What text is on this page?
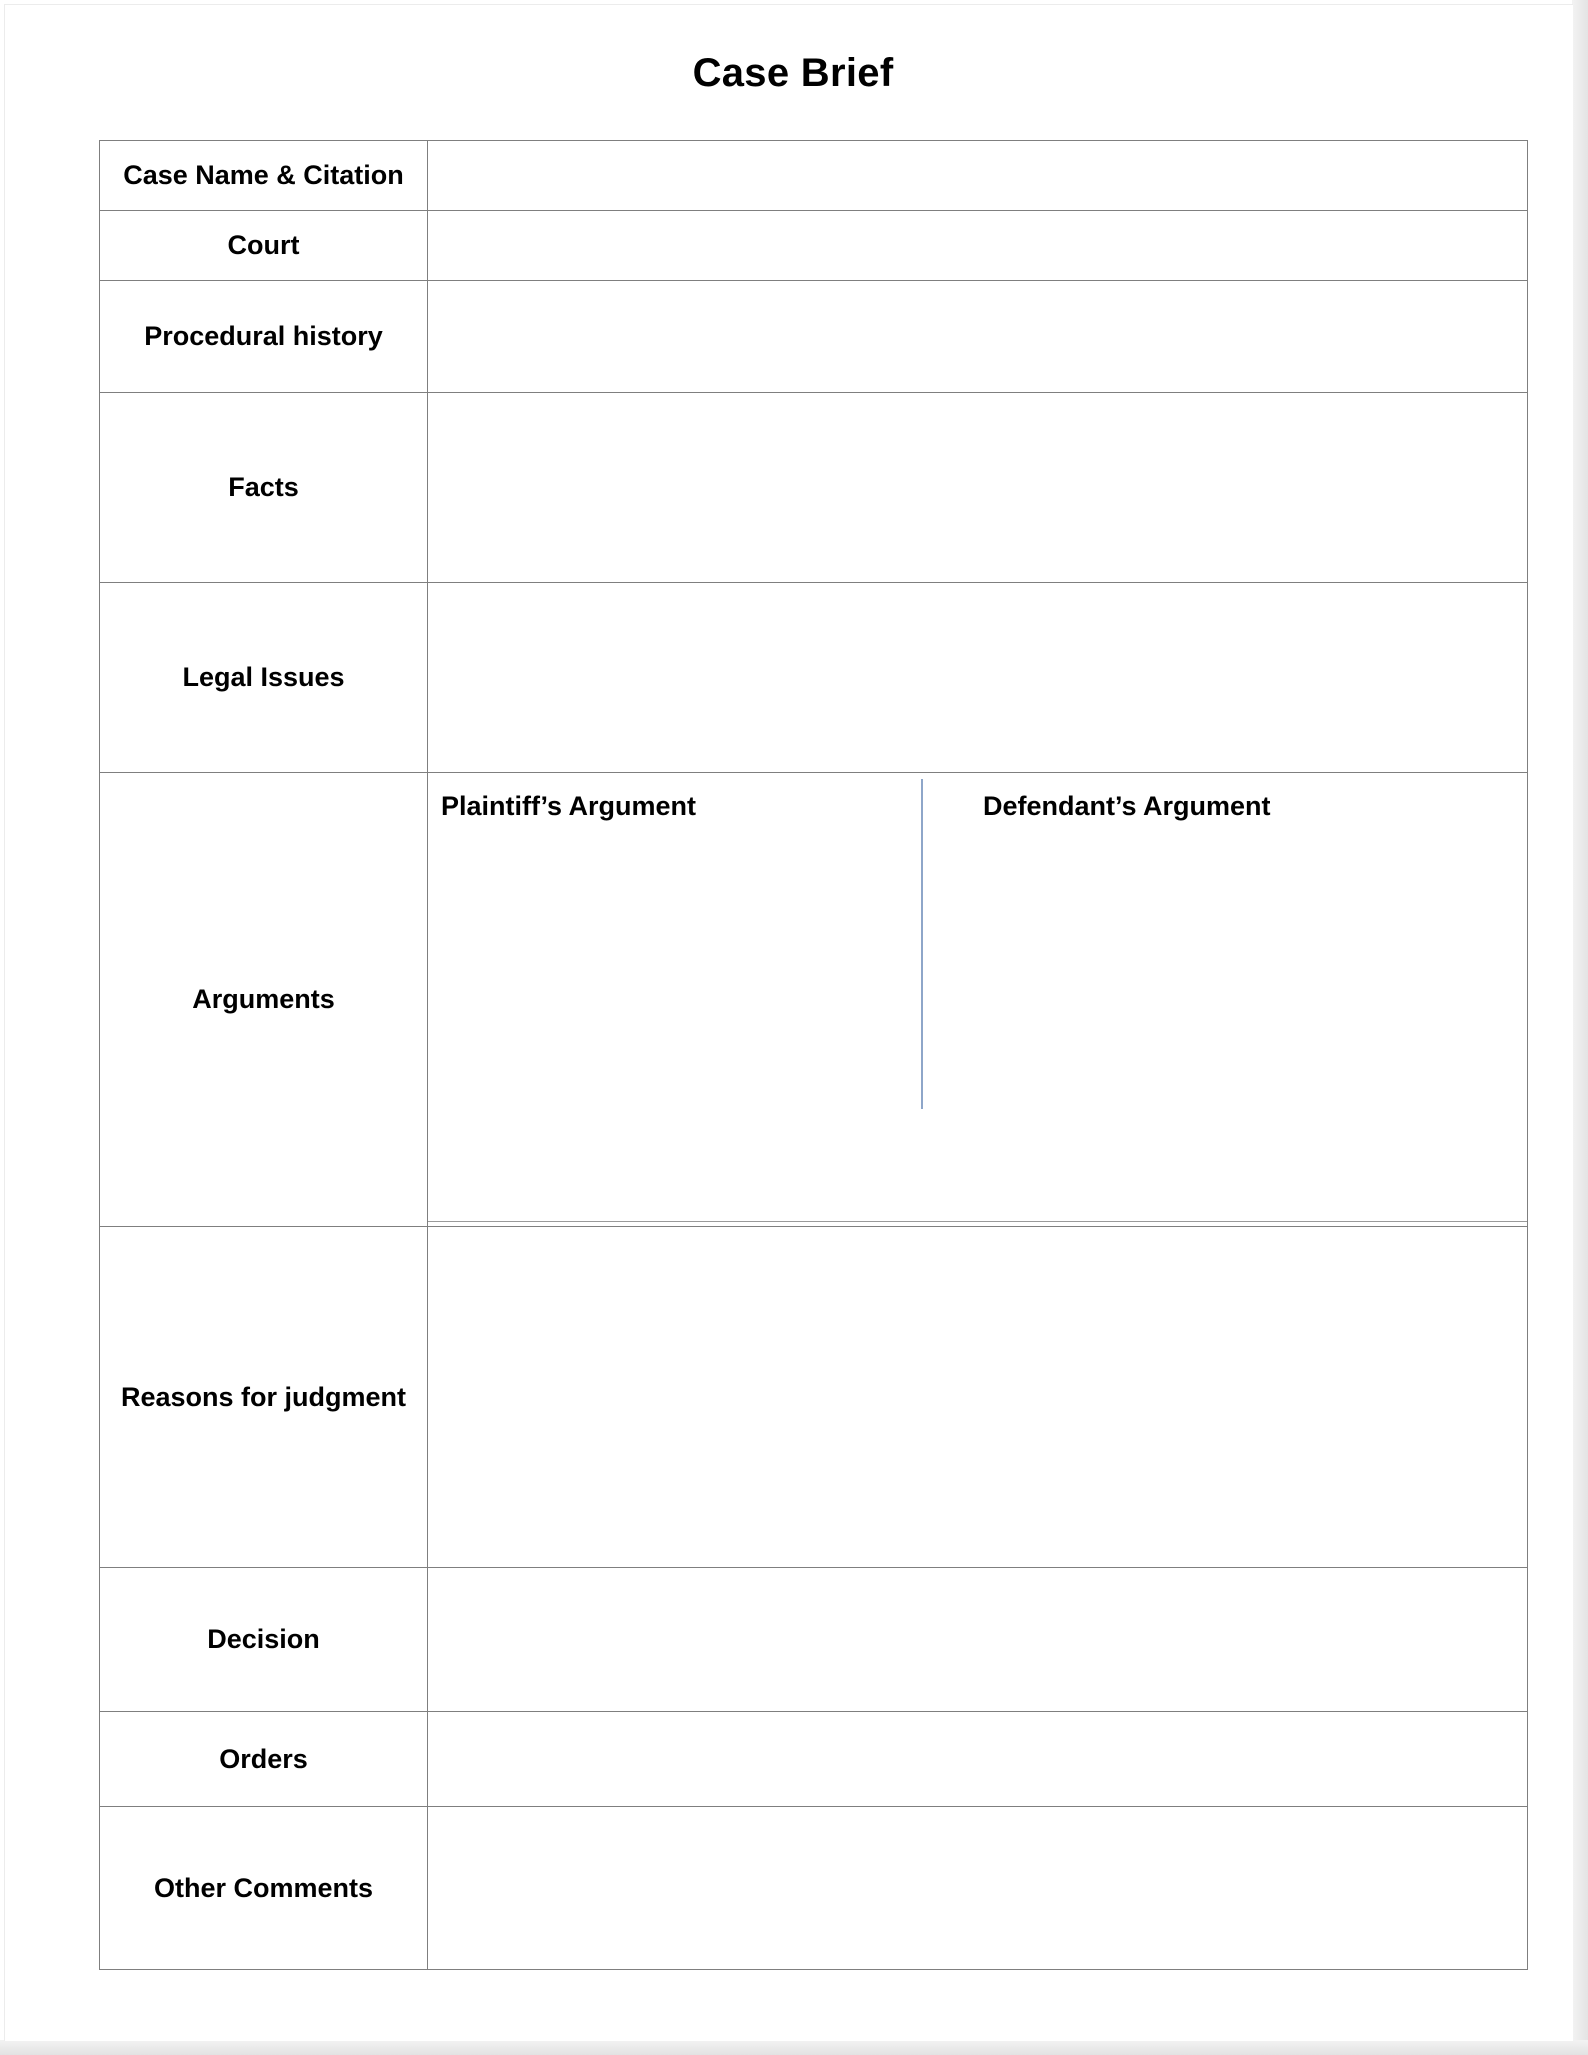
Case Brief
Case Name & Citation	
Court	
Procedural history	
Facts	
Legal Issues	
Arguments	Plaintiff’s Argument Defendant’s Argument

Reasons for judgment	
Decision	
Orders	
Other Comments	
